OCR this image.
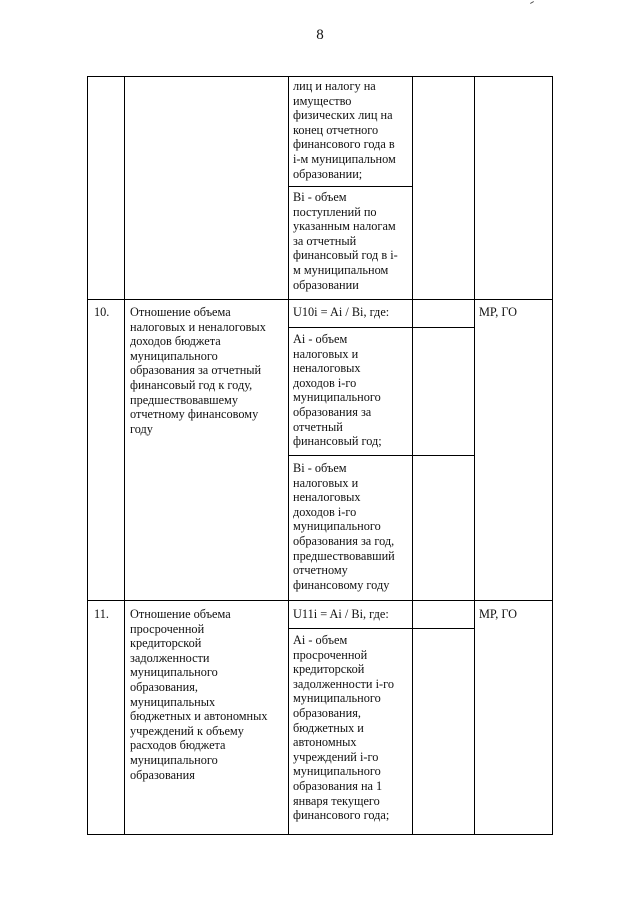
8
лиц и налогу на
имущество
физических лиц на
конец отчетного
финансового года в
i-м муниципальном
образовании;
Bi - объем
поступлений по
указанным налогам
за отчетный
финансовый год в i-
м муниципальном
образовании
10. Отношение объема
налоговых и неналоговых
доходов бюджета
муниципального
образования за отчетный
финансовый год к году,
предшествовавшему
отчетному финансовому
году
U10i = Ai / Bi, где:
Ai - объем
налоговых и
неналоговых
доходов i-го
муниципального
образования за
отчетный
финансовый год;
Bi - объем
налоговых и
неналоговых
доходов i-го
муниципального
образования за год,
предшествовавший
отчетному
финансовому году
МР, ГО
11. Отношение объема
просроченной
кредиторской
задолженности
муниципального
образования,
муниципальных
бюджетных и автономных
учреждений к объему
расходов бюджета
муниципального
образования
U11i = Ai / Bi, где:
Ai - объем
просроченной
кредиторской
задолженности i-го
муниципального
образования,
бюджетных и
автономных
учреждений i-го
муниципального
образования на 1
января текущего
финансового года;
МР, ГО
